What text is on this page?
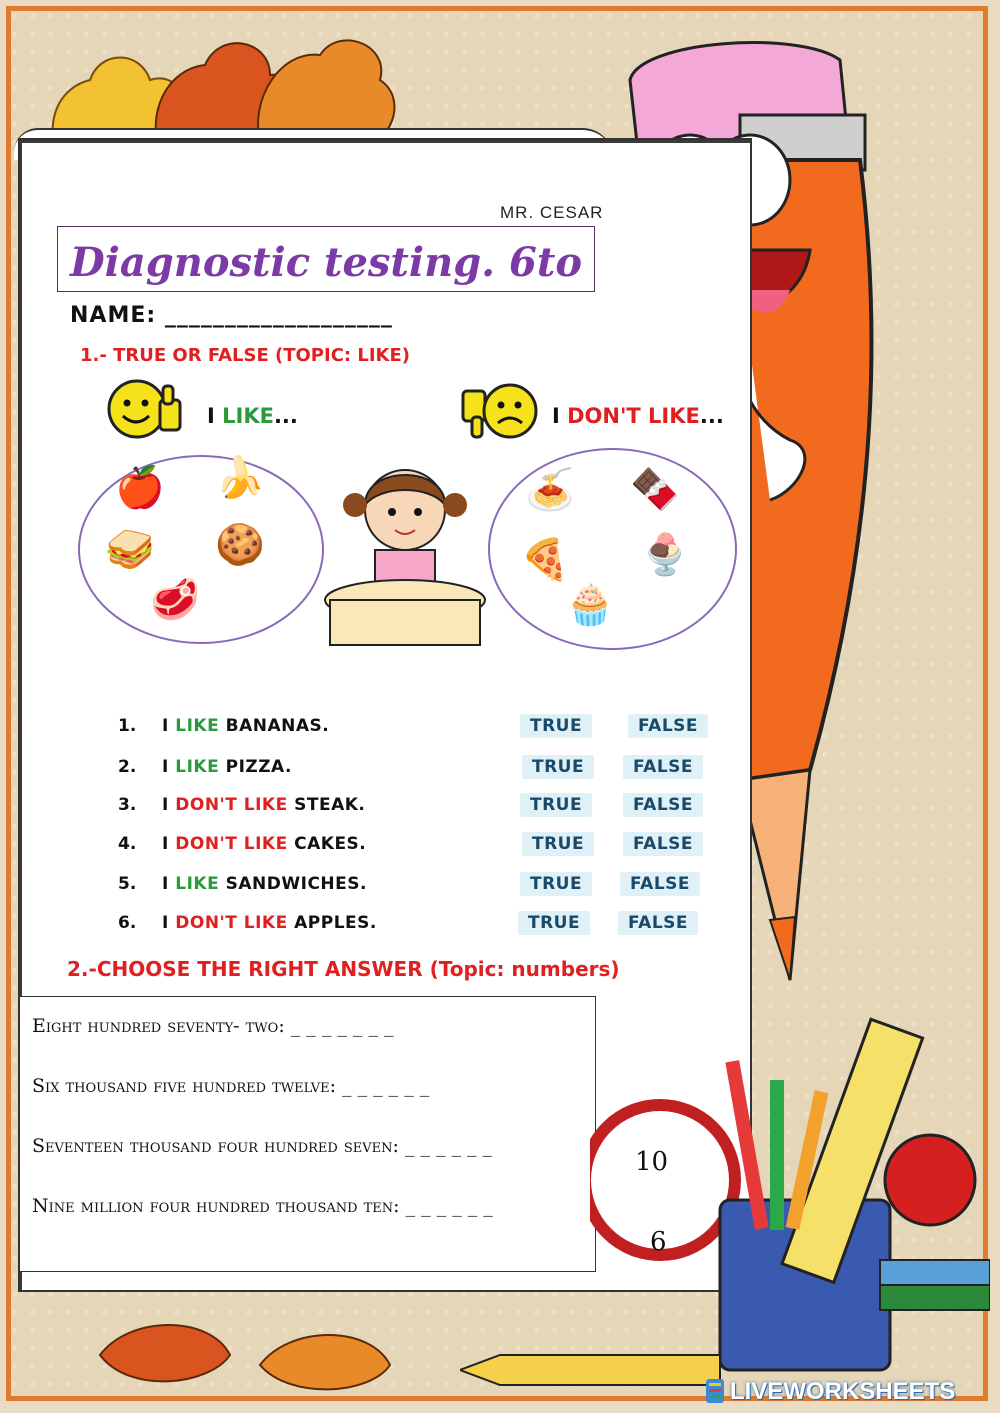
MR. CESAR
Diagnostic testing. 6to
NAME: ___________________
1.- TRUE OR FALSE (TOPIC: LIKE)
I LIKE...	I DON'T LIKE...
🍎 🍌
🥪 🍪
🥩
🍝 🍫
🍕 🍨
🧁
1.	I LIKE BANANAS.	TRUE	FALSE
2.	I LIKE PIZZA.	TRUE	FALSE
3.	I DON'T LIKE STEAK.	TRUE	FALSE
4.	I DON'T LIKE CAKES.	TRUE	FALSE
5.	I LIKE SANDWICHES.	TRUE	FALSE
6.	I DON'T LIKE APPLES.	TRUE	FALSE
2.-CHOOSE THE RIGHT ANSWER (Topic: numbers)
Eight hundred seventy- two: _ _ _ _ _ _ _
Six thousand five hundred twelve: _ _ _ _ _ _
Seventeen thousand four hundred seven: _ _ _ _ _ _
Nine million four hundred thousand ten: _ _ _ _ _ _
10
6
LIVEWORKSHEETS
